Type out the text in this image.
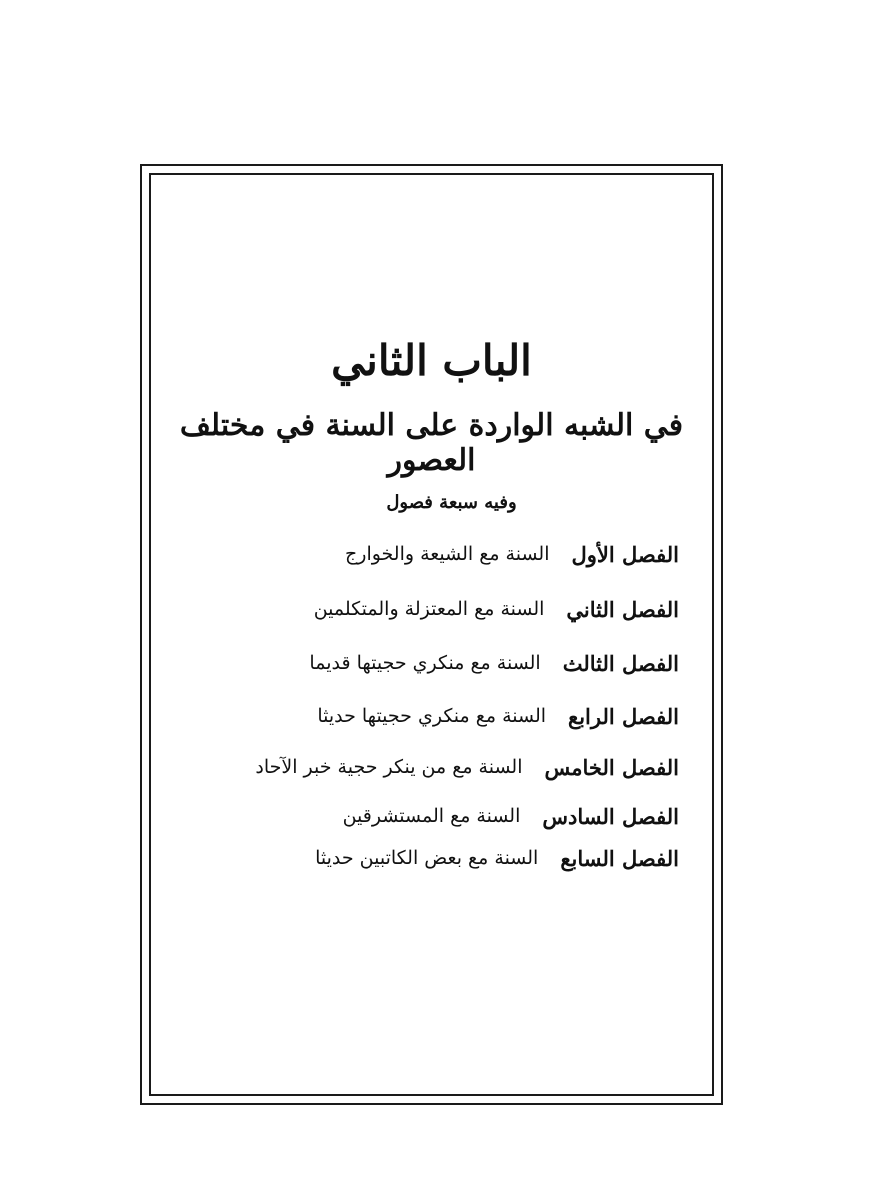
الباب الثاني
في الشبه الواردة على السنة في مختلف العصور
وفيه سبعة فصول
الفصل الأول
السنة مع الشيعة والخوارج
الفصل الثاني
السنة مع المعتزلة والمتكلمين
الفصل الثالث
السنة مع منكري حجيتها قديما
الفصل الرابع
السنة مع منكري حجيتها حديثا
الفصل الخامس
السنة مع من ينكر حجية خبر الآحاد
الفصل السادس
السنة مع المستشرقين
الفصل السابع
السنة مع بعض الكاتبين حديثا
